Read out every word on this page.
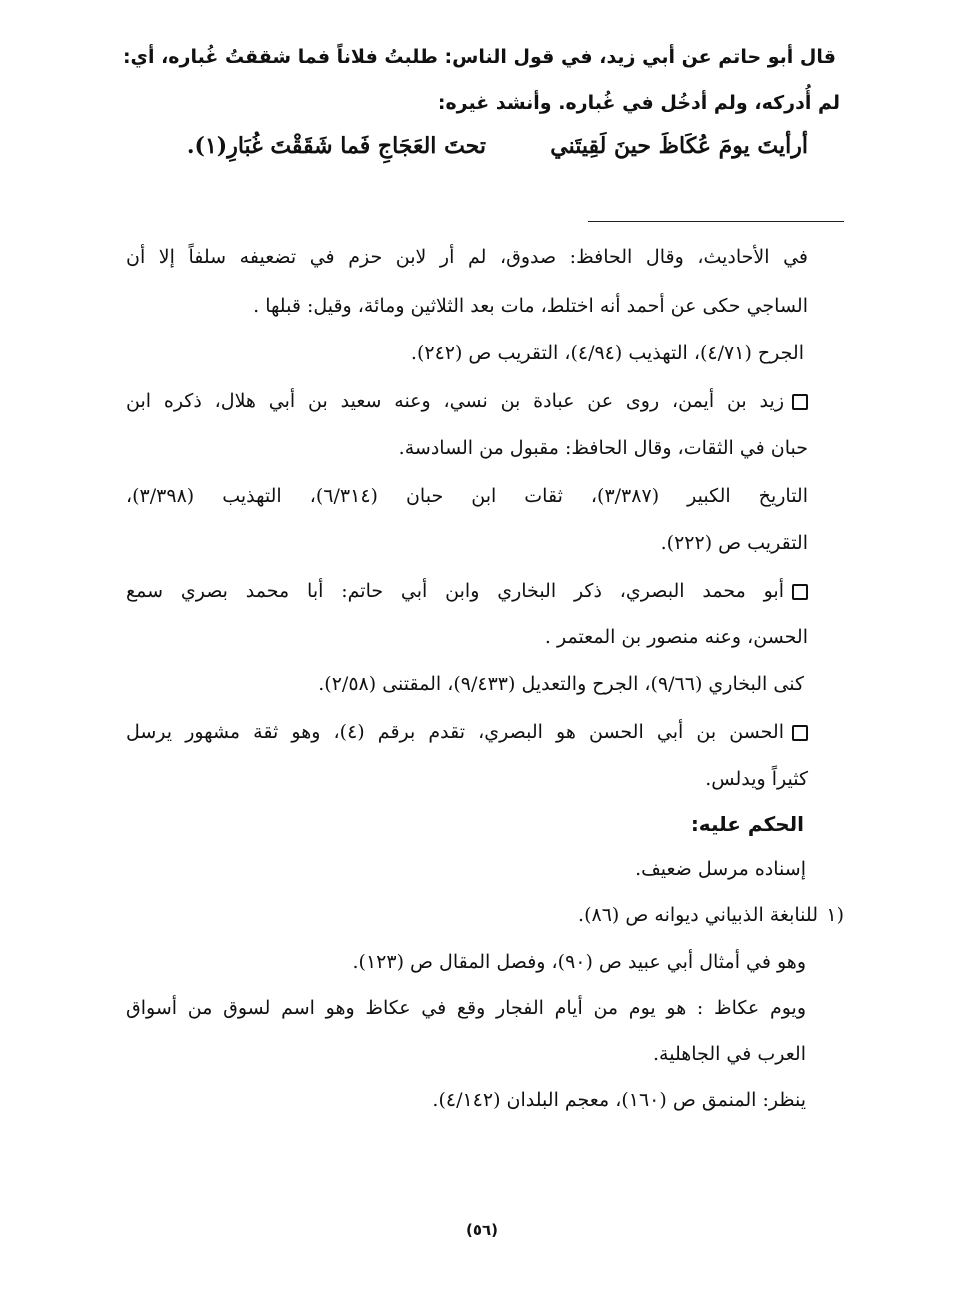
قال أبو حاتم عن أبي زيد، في قول الناس: طلبتُ فلاناً فما شققتُ غُباره، أي:
لم أُدركه، ولم أدخُل في غُباره. وأنشد غيره:
أرأيتَ يومَ عُكَاظَ حينَ لَقِيتَني
تحتَ العَجَاجِ فَما شَقَقْتَ غُبَارِ(١).
في الأحاديث، وقال الحافظ: صدوق، لم أر لابن حزم في تضعيفه سلفاً إلا أن
الساجي حكى عن أحمد أنه اختلط، مات بعد الثلاثين ومائة، وقيل: قبلها .
الجرح (٤/٧١)، التهذيب (٤/٩٤)، التقريب ص (٢٤٢).
زيد بن أيمن، روى عن عبادة بن نسي، وعنه سعيد بن أبي هلال، ذكره ابن
حبان في الثقات، وقال الحافظ: مقبول من السادسة.
التاريخ الكبير (٣/٣٨٧)، ثقات ابن حبان (٦/٣١٤)، التهذيب (٣/٣٩٨)،
التقريب ص (٢٢٢).
أبو محمد البصري، ذكر البخاري وابن أبي حاتم: أبا محمد بصري سمع
الحسن، وعنه منصور بن المعتمر .
كنى البخاري (٩/٦٦)، الجرح والتعديل (٩/٤٣٣)، المقتنى (٢/٥٨).
الحسن بن أبي الحسن هو البصري، تقدم برقم (٤)، وهو ثقة مشهور يرسل
كثيراً ويدلس.
الحكم عليه:
إسناده مرسل ضعيف.
١)
للنابغة الذبياني ديوانه ص (٨٦).
وهو في أمثال أبي عبيد ص (٩٠)، وفصل المقال ص (١٢٣).
ويوم عكاظ : هو يوم من أيام الفجار وقع في عكاظ وهو اسم لسوق من أسواق
العرب في الجاهلية.
ينظر: المنمق ص (١٦٠)، معجم البلدان (٤/١٤٢).
(٥٦)
